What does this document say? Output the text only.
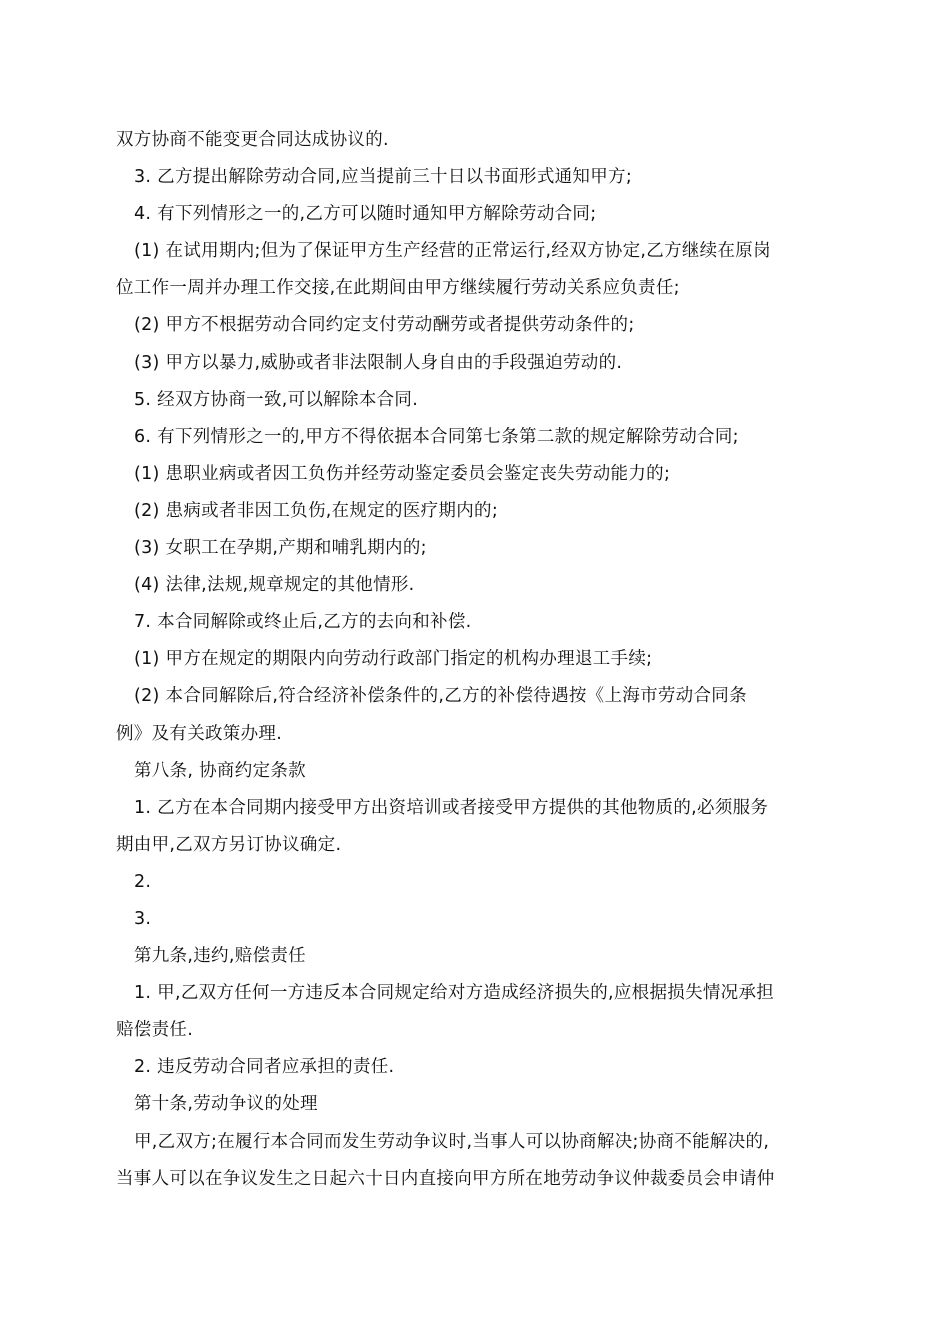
双方协商不能变更合同达成协议的.
3. 乙方提出解除劳动合同,应当提前三十日以书面形式通知甲方;
4. 有下列情形之一的,乙方可以随时通知甲方解除劳动合同;
(1) 在试用期内;但为了保证甲方生产经营的正常运行,经双方协定,乙方继续在原岗
位工作一周并办理工作交接,在此期间由甲方继续履行劳动关系应负责任;
(2) 甲方不根据劳动合同约定支付劳动酬劳或者提供劳动条件的;
(3) 甲方以暴力,威胁或者非法限制人身自由的手段强迫劳动的.
5. 经双方协商一致,可以解除本合同.
6. 有下列情形之一的,甲方不得依据本合同第七条第二款的规定解除劳动合同;
(1) 患职业病或者因工负伤并经劳动鉴定委员会鉴定丧失劳动能力的;
(2) 患病或者非因工负伤,在规定的医疗期内的;
(3) 女职工在孕期,产期和哺乳期内的;
(4) 法律,法规,规章规定的其他情形.
7. 本合同解除或终止后,乙方的去向和补偿.
(1) 甲方在规定的期限内向劳动行政部门指定的机构办理退工手续;
(2) 本合同解除后,符合经济补偿条件的,乙方的补偿待遇按《上海市劳动合同条
例》及有关政策办理.
第八条, 协商约定条款
1. 乙方在本合同期内接受甲方出资培训或者接受甲方提供的其他物质的,必须服务
期由甲,乙双方另订协议确定.
2.
3.
第九条,违约,赔偿责任
1. 甲,乙双方任何一方违反本合同规定给对方造成经济损失的,应根据损失情况承担
赔偿责任.
2. 违反劳动合同者应承担的责任.
第十条,劳动争议的处理
甲,乙双方;在履行本合同而发生劳动争议时,当事人可以协商解决;协商不能解决的,
当事人可以在争议发生之日起六十日内直接向甲方所在地劳动争议仲裁委员会申请仲
